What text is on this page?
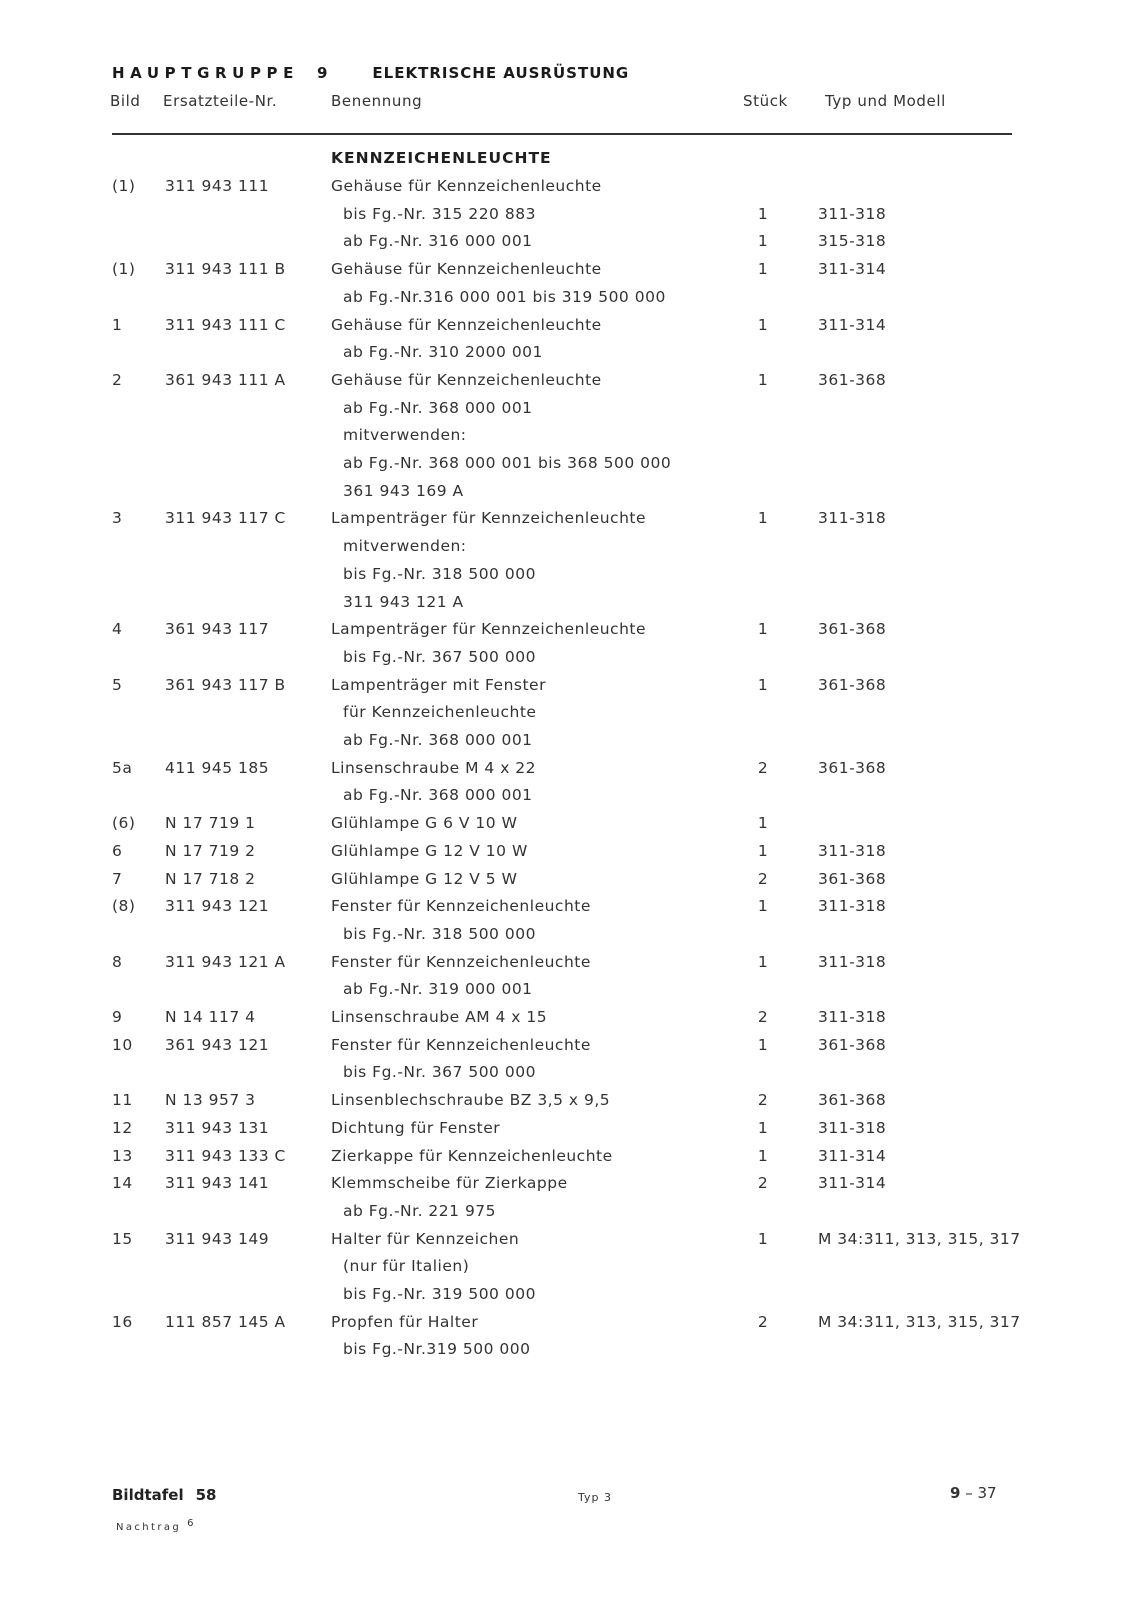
HAUPTGRUPPE 9	ELEKTRISCHE AUSRÜSTUNG
Bild Ersatzteile-Nr.	Benennung	Stück Typ und Modell
KENNZEICHENLEUCHTE
(1) 311 943 111	Gehäuse für Kennzeichenleuchte
bis Fg.-Nr. 315 220 883	1	311-318
ab Fg.-Nr. 316 000 001	1	315-318
(1) 311 943 111 B	Gehäuse für Kennzeichenleuchte	1	311-314
ab Fg.-Nr.316 000 001 bis 319 500 000
1	311 943 111 C	Gehäuse für Kennzeichenleuchte	1	311-314
ab Fg.-Nr. 310 2000 001
2	361 943 111 A	Gehäuse für Kennzeichenleuchte	1	361-368
ab Fg.-Nr. 368 000 001
mitverwenden:
ab Fg.-Nr. 368 000 001 bis 368 500 000
361 943 169 A
3	311 943 117 C	Lampenträger für Kennzeichenleuchte	1	311-318
mitverwenden:
bis Fg.-Nr. 318 500 000
311 943 121 A
4	361 943 117	Lampenträger für Kennzeichenleuchte	1	361-368
bis Fg.-Nr. 367 500 000
5	361 943 117 B	Lampenträger mit Fenster	1	361-368
für Kennzeichenleuchte
ab Fg.-Nr. 368 000 001
5a 411 945 185	Linsenschraube M 4 x 22	2	361-368
ab Fg.-Nr. 368 000 001
(6) N 17 719 1	Glühlampe G 6 V 10 W	1
6	N 17 719 2	Glühlampe G 12 V 10 W	1	311-318
7	N 17 718 2	Glühlampe G 12 V 5 W	2	361-368
(8) 311 943 121	Fenster für Kennzeichenleuchte	1	311-318
bis Fg.-Nr. 318 500 000
8	311 943 121 A	Fenster für Kennzeichenleuchte	1	311-318
ab Fg.-Nr. 319 000 001
9	N 14 117 4	Linsenschraube AM 4 x 15	2	311-318
10 361 943 121	Fenster für Kennzeichenleuchte	1	361-368
bis Fg.-Nr. 367 500 000
11 N 13 957 3	Linsenblechschraube BZ 3,5 x 9,5	2	361-368
12 311 943 131	Dichtung für Fenster	1	311-318
13 311 943 133 C	Zierkappe für Kennzeichenleuchte	1	311-314
14 311 943 141	Klemmscheibe für Zierkappe	2	311-314
ab Fg.-Nr. 221 975
15 311 943 149	Halter für Kennzeichen	1	M 34:311, 313, 315, 317
(nur für Italien)
bis Fg.-Nr. 319 500 000
16 111 857 145 A	Propfen für Halter	2	M 34:311, 313, 315, 317
bis Fg.-Nr.319 500 000
Bildtafel 58	Typ 3	9 – 37
Nachtrag 6
